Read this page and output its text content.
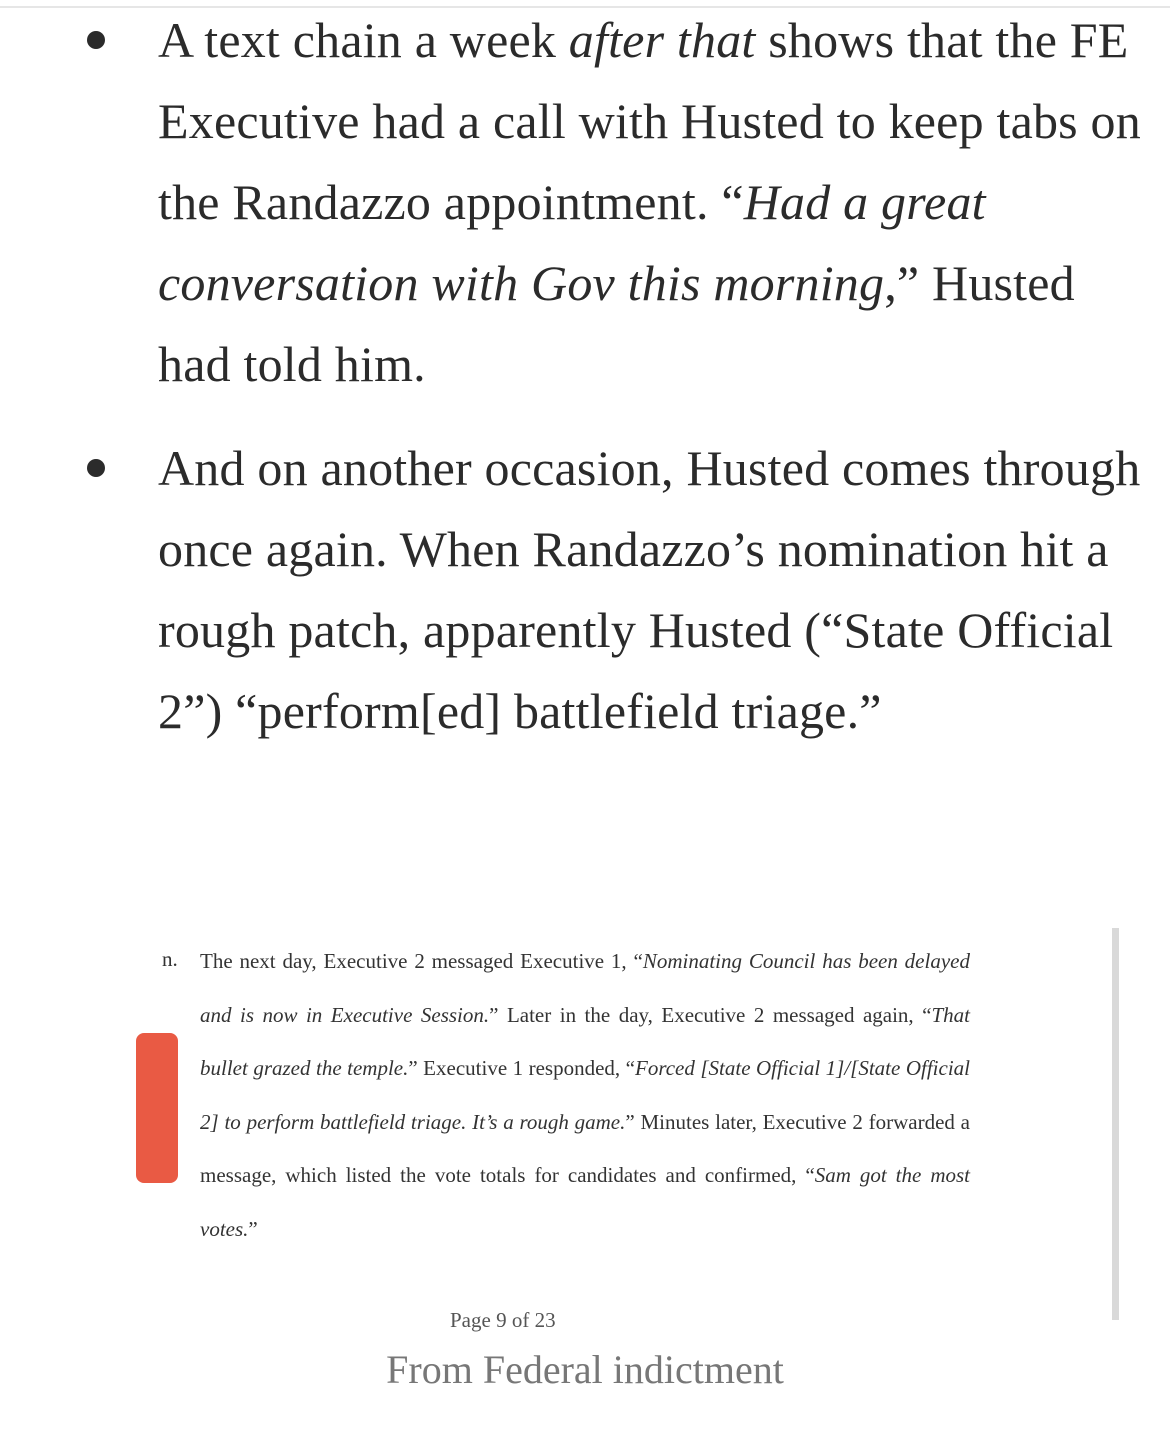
A text chain a week after that shows that the FE Executive had a call with Husted to keep tabs on the Randazzo appointment. “Had a great conversation with Gov this morning,” Husted had told him.
And on another occasion, Husted comes through once again. When Randazzo’s nomination hit a rough patch, apparently Husted (“State Official 2”) “perform[ed] battlefield triage.”
n. The next day, Executive 2 messaged Executive 1, “Nominating Council has been delayed and is now in Executive Session.” Later in the day, Executive 2 messaged again, “That bullet grazed the temple.” Executive 1 responded, “Forced [State Official 1]/[State Official 2] to perform battlefield triage. It’s a rough game.” Minutes later, Executive 2 forwarded a message, which listed the vote totals for candidates and confirmed, “Sam got the most votes.”
Page 9 of 23
From Federal indictment
